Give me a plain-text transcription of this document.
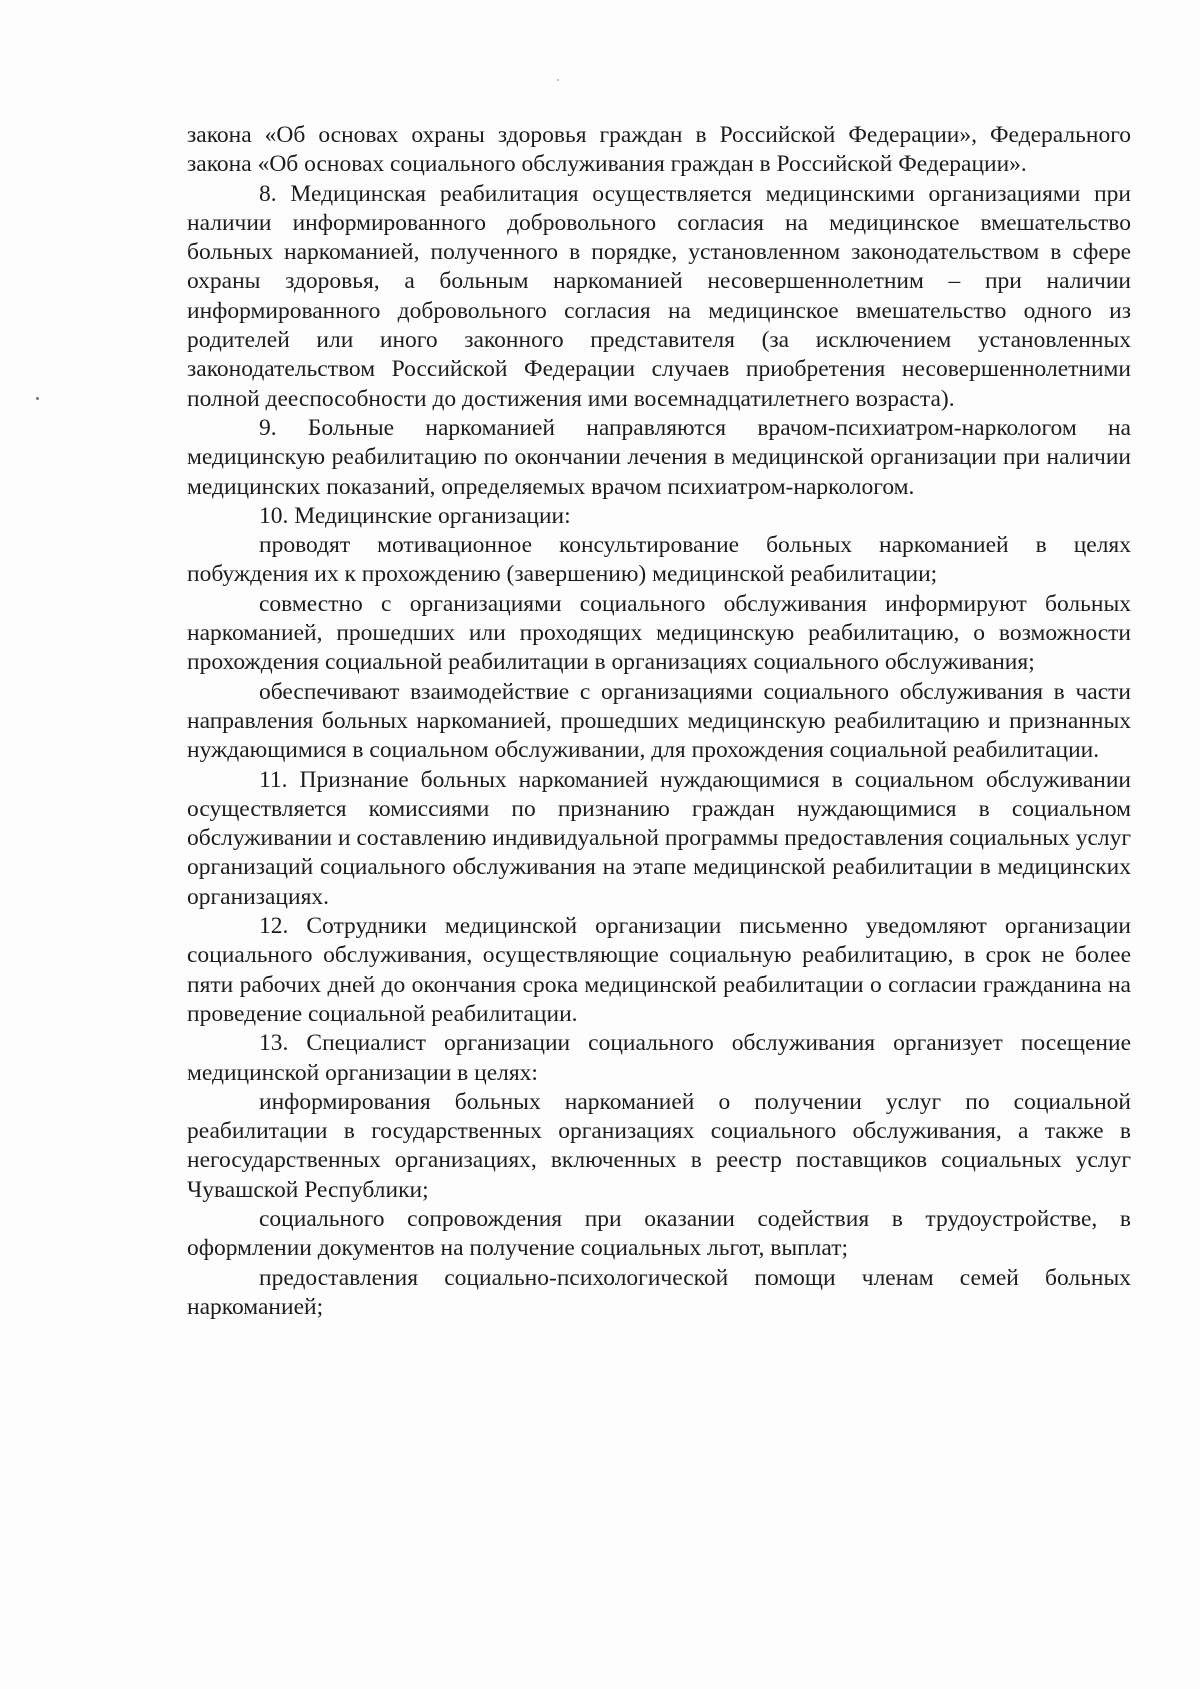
закона «Об основах охраны здоровья граждан в Российской Федерации», Федерального закона «Об основах социального обслуживания граждан в Российской Федерации».

8. Медицинская реабилитация осуществляется медицинскими организациями при наличии информированного добровольного согласия на медицинское вмешательство больных наркоманией, полученного в порядке, установленном законодательством в сфере охраны здоровья, а больным наркоманией несовершеннолетним – при наличии информированного добровольного согласия на медицинское вмешательство одного из родителей или иного законного представителя (за исключением установленных законодательством Российской Федерации случаев приобретения несовершеннолетними полной дееспособности до достижения ими восемнадцатилетнего возраста).

9. Больные наркоманией направляются врачом-психиатром-наркологом на медицинскую реабилитацию по окончании лечения в медицинской организации при наличии медицинских показаний, определяемых врачом психиатром-наркологом.

10. Медицинские организации:

проводят мотивационное консультирование больных наркоманией в целях побуждения их к прохождению (завершению) медицинской реабилитации;

совместно с организациями социального обслуживания информируют больных наркоманией, прошедших или проходящих медицинскую реабилитацию, о возможности прохождения социальной реабилитации в организациях социального обслуживания;

обеспечивают взаимодействие с организациями социального обслуживания в части направления больных наркоманией, прошедших медицинскую реабилитацию и признанных нуждающимися в социальном обслуживании, для прохождения социальной реабилитации.

11. Признание больных наркоманией нуждающимися в социальном обслуживании осуществляется комиссиями по признанию граждан нуждающимися в социальном обслуживании и составлению индивидуальной программы предоставления социальных услуг организаций социального обслуживания на этапе медицинской реабилитации в медицинских организациях.

12. Сотрудники медицинской организации письменно уведомляют организации социального обслуживания, осуществляющие социальную реабилитацию, в срок не более пяти рабочих дней до окончания срока медицинской реабилитации о согласии гражданина на проведение социальной реабилитации.

13. Специалист организации социального обслуживания организует посещение медицинской организации в целях:

информирования больных наркоманией о получении услуг по социальной реабилитации в государственных организациях социального обслуживания, а также в негосударственных организациях, включенных в реестр поставщиков социальных услуг Чувашской Республики;

социального сопровождения при оказании содействия в трудоустройстве, в оформлении документов на получение социальных льгот, выплат;

предоставления социально-психологической помощи членам семей больных наркоманией;
